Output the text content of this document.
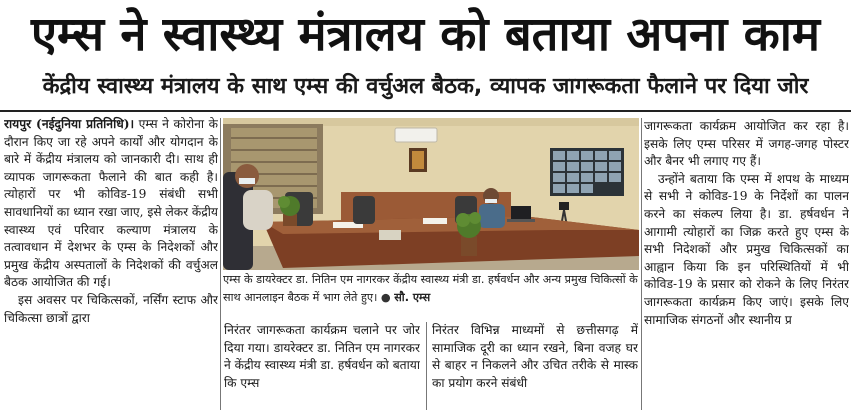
एम्स ने स्वास्थ्य मंत्रालय को बताया अपना काम
केंद्रीय स्वास्थ्य मंत्रालय के साथ एम्स की वर्चुअल बैठक, व्यापक जागरूकता फैलाने पर दिया जोर

रायपुर (नईदुनिया प्रतिनिधि)। एम्स ने कोरोना के दौरान किए जा रहे अपने कार्यों और योगदान के बारे में केंद्रीय मंत्रालय को जानकारी दी। साथ ही व्यापक जागरूकता फैलाने की बात कही है। त्योहारों पर भी कोविड-19 संबंधी सभी सावधानियों का ध्यान रखा जाए, इसे लेकर केंद्रीय स्वास्थ्य एवं परिवार कल्याण मंत्रालय के तत्वावधान में देशभर के एम्स के निदेशकों और प्रमुख केंद्रीय अस्पतालों के निदेशकों की वर्चुअल बैठक आयोजित की गई।

इस अवसर पर चिकित्सकों, नर्सिंग स्टाफ और चिकित्सा छात्रों द्वारा

एम्स के डायरेक्टर डा. नितिन एम नागरकर केंद्रीय स्वास्थ्य मंत्री डा. हर्षवर्धन और अन्य प्रमुख चिकित्सों के साथ आनलाइन बैठक में भाग लेते हुए। ● सौ. एम्स

निरंतर जागरूकता कार्यक्रम चलाने पर जोर दिया गया। डायरेक्टर डा. नितिन एम नागरकर ने केंद्रीय स्वास्थ्य मंत्री डा. हर्षवर्धन को बताया कि एम्स

निरंतर विभिन्न माध्यमों से छत्तीसगढ़ में सामाजिक दूरी का ध्यान रखने, बिना वजह घर से बाहर न निकलने और उचित तरीके से मास्क का प्रयोग करने संबंधी

जागरूकता कार्यक्रम आयोजित कर रहा है। इसके लिए एम्स परिसर में जगह-जगह पोस्टर और बैनर भी लगाए गए हैं।

उन्होंने बताया कि एम्स में शपथ के माध्यम से सभी ने कोविड-19 के निर्देशों का पालन करने का संकल्प लिया है। डा. हर्षवर्धन ने आगामी त्योहारों का जिक्र करते हुए एम्स के सभी निदेशकों और प्रमुख चिकित्सकों का आह्वान किया कि इन परिस्थितियों में भी कोविड-19 के प्रसार को रोकने के लिए निरंतर जागरूकता कार्यक्रम किए जाएं। इसके लिए सामाजिक संगठनों और स्थानीय प्र
